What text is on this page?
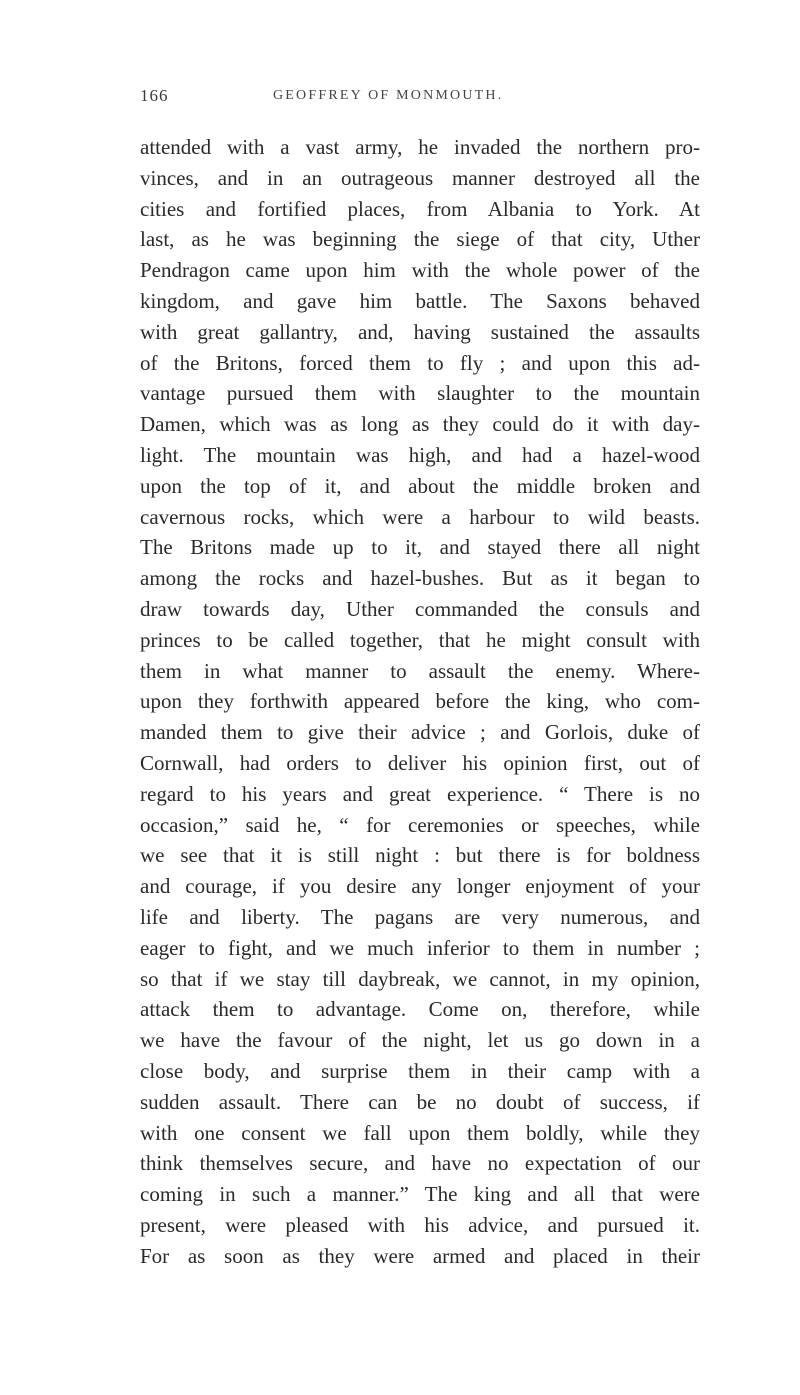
166	GEOFFREY OF MONMOUTH.
attended with a vast army, he invaded the northern pro-
vinces, and in an outrageous manner destroyed all the
cities and fortified places, from Albania to York. At
last, as he was beginning the siege of that city, Uther
Pendragon came upon him with the whole power of the
kingdom, and gave him battle. The Saxons behaved
with great gallantry, and, having sustained the assaults
of the Britons, forced them to fly ; and upon this ad-
vantage pursued them with slaughter to the mountain
Damen, which was as long as they could do it with day-
light. The mountain was high, and had a hazel-wood
upon the top of it, and about the middle broken and
cavernous rocks, which were a harbour to wild beasts.
The Britons made up to it, and stayed there all night
among the rocks and hazel-bushes. But as it began to
draw towards day, Uther commanded the consuls and
princes to be called together, that he might consult with
them in what manner to assault the enemy. Where-
upon they forthwith appeared before the king, who com-
manded them to give their advice ; and Gorlois, duke of
Cornwall, had orders to deliver his opinion first, out of
regard to his years and great experience. “ There is no
occasion,” said he, “ for ceremonies or speeches, while
we see that it is still night : but there is for boldness
and courage, if you desire any longer enjoyment of your
life and liberty. The pagans are very numerous, and
eager to fight, and we much inferior to them in number ;
so that if we stay till daybreak, we cannot, in my opinion,
attack them to advantage. Come on, therefore, while
we have the favour of the night, let us go down in a
close body, and surprise them in their camp with a
sudden assault. There can be no doubt of success, if
with one consent we fall upon them boldly, while they
think themselves secure, and have no expectation of our
coming in such a manner.” The king and all that were
present, were pleased with his advice, and pursued it.
For as soon as they were armed and placed in their
